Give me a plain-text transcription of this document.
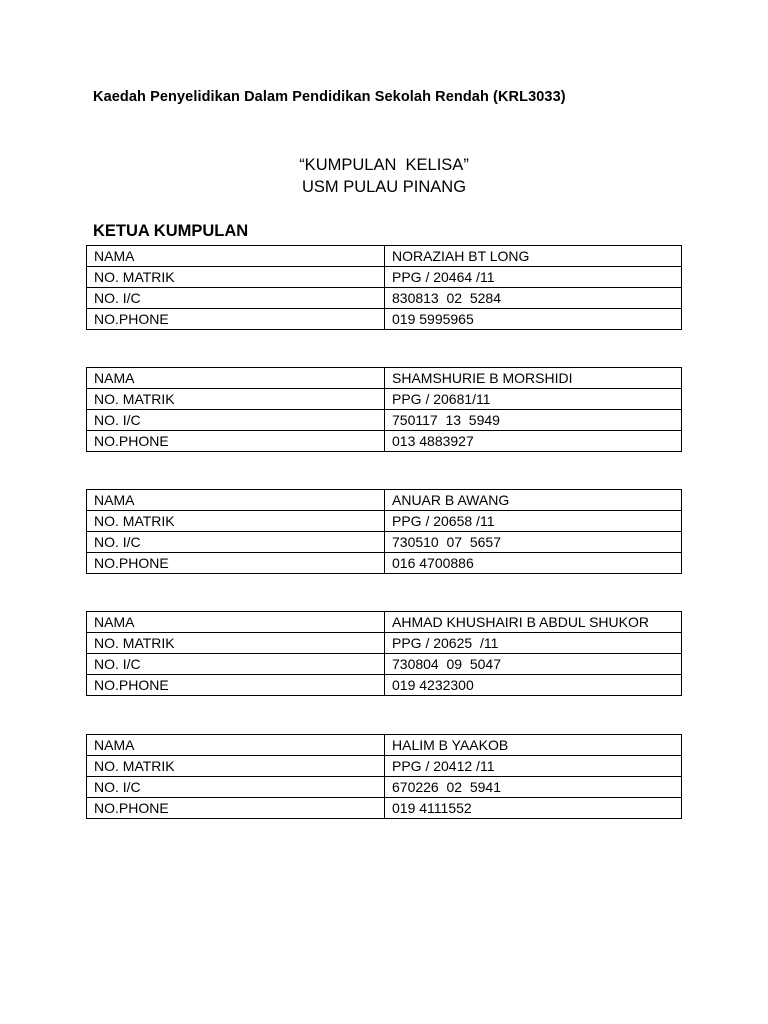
Kaedah Penyelidikan Dalam Pendidikan Sekolah Rendah (KRL3033)
“KUMPULAN  KELISA”
USM PULAU PINANG
KETUA KUMPULAN
NAMA	NORAZIAH BT LONG
NO. MATRIK	PPG / 20464 /11
NO. I/C	830813  02  5284
NO.PHONE	019 5995965
NAMA	SHAMSHURIE B MORSHIDI
NO. MATRIK	PPG / 20681/11
NO. I/C	750117  13  5949
NO.PHONE	013 4883927
NAMA	ANUAR B AWANG
NO. MATRIK	PPG / 20658 /11
NO. I/C	730510  07  5657
NO.PHONE	016 4700886
NAMA	AHMAD KHUSHAIRI B ABDUL SHUKOR
NO. MATRIK	PPG / 20625  /11
NO. I/C	730804  09  5047
NO.PHONE	019 4232300
NAMA	HALIM B YAAKOB
NO. MATRIK	PPG / 20412 /11
NO. I/C	670226  02  5941
NO.PHONE	019 4111552
